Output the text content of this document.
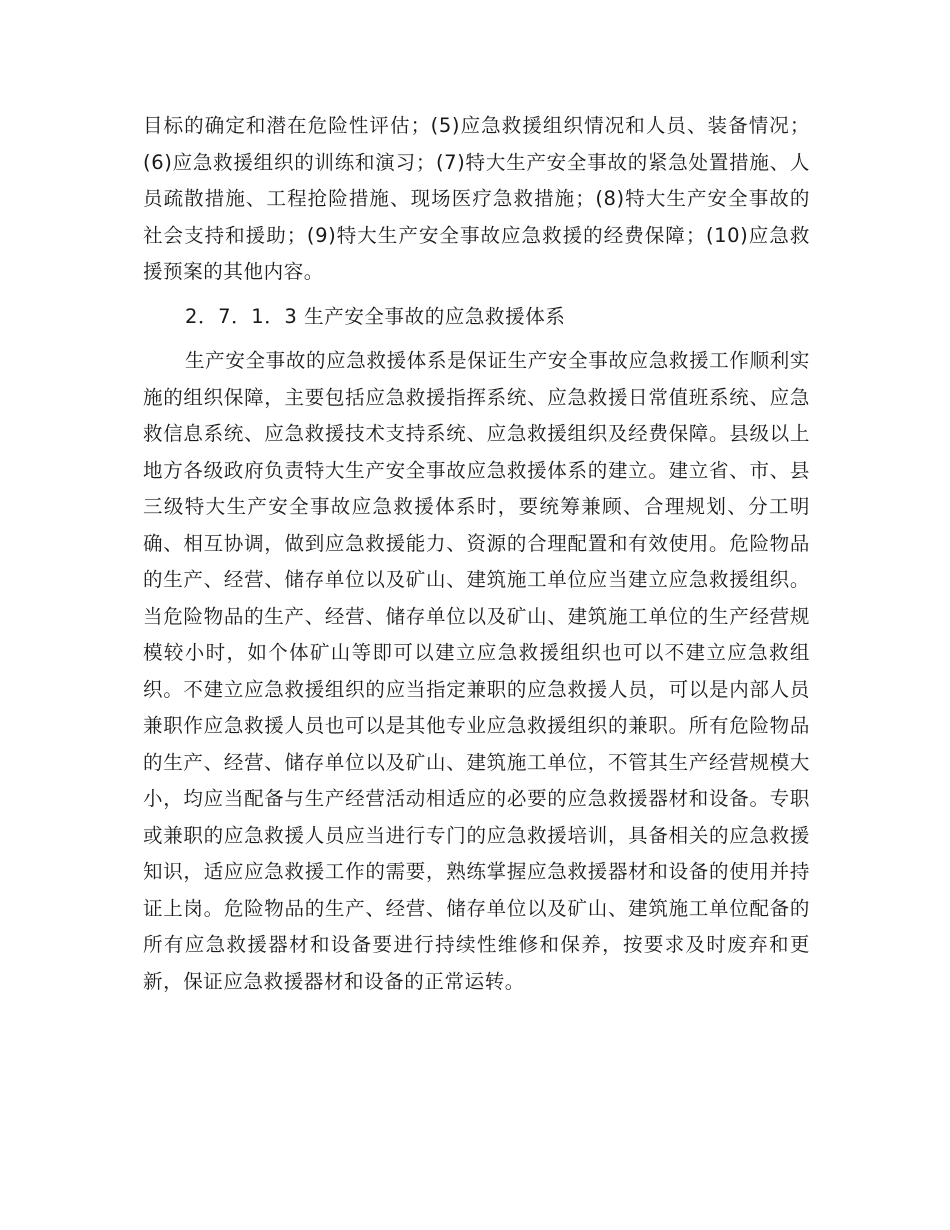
目标的确定和潜在危险性评估；(5)应急救援组织情况和人员、装备情况；(6)应急救援组织的训练和演习；(7)特大生产安全事故的紧急处置措施、人员疏散措施、工程抢险措施、现场医疗急救措施；(8)特大生产安全事故的社会支持和援助；(9)特大生产安全事故应急救援的经费保障；(10)应急救援预案的其他内容。

2．7．1．3 生产安全事故的应急救援体系

生产安全事故的应急救援体系是保证生产安全事故应急救援工作顺利实施的组织保障，主要包括应急救援指挥系统、应急救援日常值班系统、应急救信息系统、应急救援技术支持系统、应急救援组织及经费保障。县级以上地方各级政府负责特大生产安全事故应急救援体系的建立。建立省、市、县三级特大生产安全事故应急救援体系时，要统筹兼顾、合理规划、分工明确、相互协调，做到应急救援能力、资源的合理配置和有效使用。危险物品的生产、经营、储存单位以及矿山、建筑施工单位应当建立应急救援组织。当危险物品的生产、经营、储存单位以及矿山、建筑施工单位的生产经营规模较小时，如个体矿山等即可以建立应急救援组织也可以不建立应急救组织。不建立应急救援组织的应当指定兼职的应急救援人员，可以是内部人员兼职作应急救援人员也可以是其他专业应急救援组织的兼职。所有危险物品的生产、经营、储存单位以及矿山、建筑施工单位，不管其生产经营规模大小，均应当配备与生产经营活动相适应的必要的应急救援器材和设备。专职或兼职的应急救援人员应当进行专门的应急救援培训，具备相关的应急救援知识，适应应急救援工作的需要，熟练掌握应急救援器材和设备的使用并持证上岗。危险物品的生产、经营、储存单位以及矿山、建筑施工单位配备的所有应急救援器材和设备要进行持续性维修和保养，按要求及时废弃和更新，保证应急救援器材和设备的正常运转。
